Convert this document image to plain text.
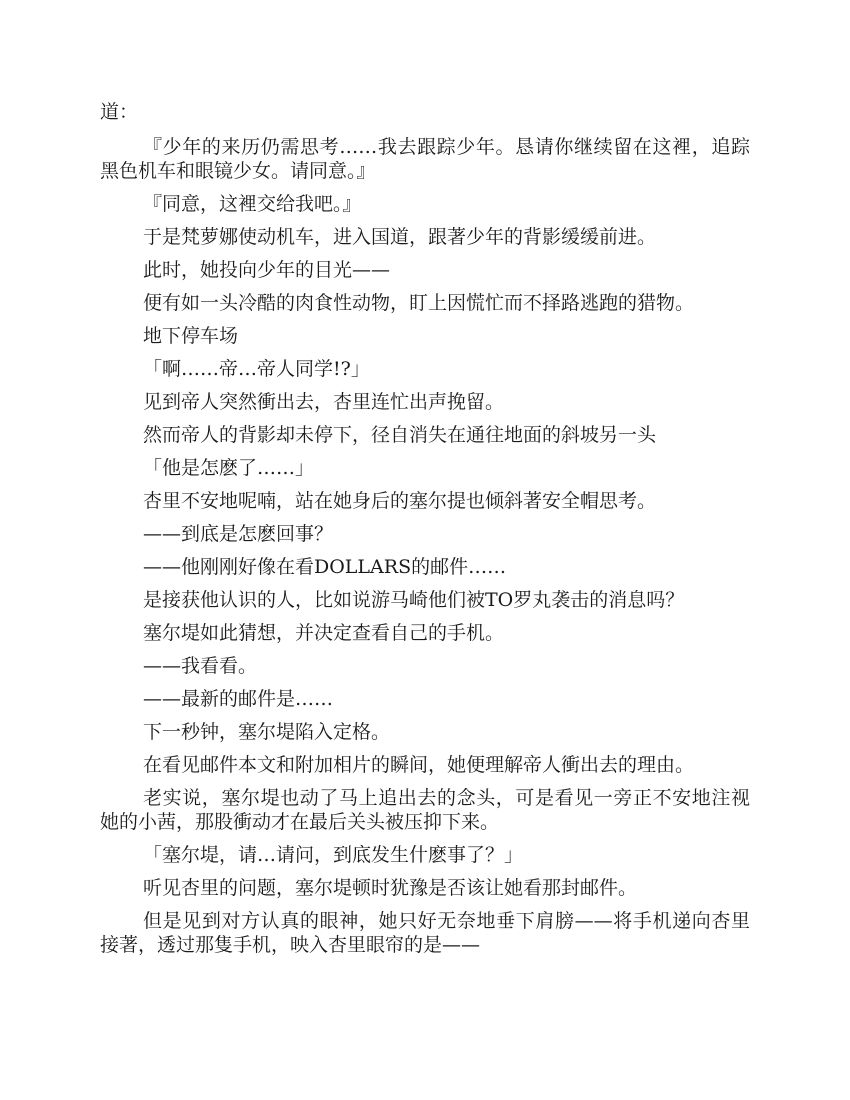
道：

『少年的来历仍需思考……我去跟踪少年。恳请你继续留在这裡，追踪黑色机车和眼镜少女。请同意。』

『同意，这裡交给我吧。』

于是梵萝娜使动机车，进入国道，跟著少年的背影缓缓前进。

此时，她投向少年的目光——

便有如一头冷酷的肉食性动物，盯上因慌忙而不择路逃跑的猎物。

地下停车场

「啊……帝…帝人同学!?」

见到帝人突然衝出去，杏里连忙出声挽留。

然而帝人的背影却未停下，径自消失在通往地面的斜坡另一头

「他是怎麽了……」

杏里不安地呢喃，站在她身后的塞尔提也倾斜著安全帽思考。

——到底是怎麽回事？

——他刚刚好像在看DOLLARS的邮件……

是接获他认识的人，比如说游马崎他们被TO罗丸袭击的消息吗？

塞尔堤如此猜想，并决定查看自己的手机。

——我看看。

——最新的邮件是……

下一秒钟，塞尔堤陷入定格。

在看见邮件本文和附加相片的瞬间，她便理解帝人衝出去的理由。

老实说，塞尔堤也动了马上追出去的念头，可是看见一旁正不安地注视她的小茜，那股衝动才在最后关头被压抑下来。

「塞尔堤，请…请问，到底发生什麽事了？」

听见杏里的问题，塞尔堤顿时犹豫是否该让她看那封邮件。

但是见到对方认真的眼神，她只好无奈地垂下肩膀——将手机递向杏里接著，透过那隻手机，映入杏里眼帘的是——
